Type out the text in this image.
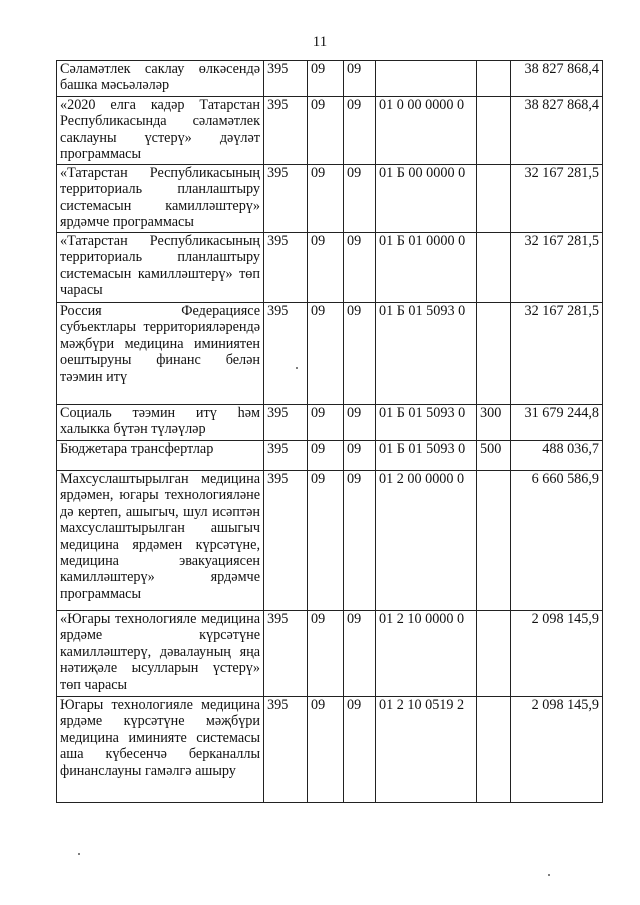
11
Сәламәтлек саклау өлкәсендә башка мәсьәләләр	395	09	09			38 827 868,4
«2020 елга кадәр Татарстан Республикасында сәламәтлек саклауны үстерү» дәүләт программасы	395	09	09	01 0 00 0000 0		38 827 868,4
«Татарстан Республикасының территориаль планлаштыру системасын камилләштерү» ярдәмче программасы	395	09	09	01 Б 00 0000 0		32 167 281,5
«Татарстан Республикасының территориаль планлаштыру системасын камилләштерү» төп чарасы	395	09	09	01 Б 01 0000 0		32 167 281,5
Россия Федерациясе субъектлары территорияләрендә мәҗбүри медицина иминиятен оештыруны финанс белән тәэмин итү	395	09	09	01 Б 01 5093 0		32 167 281,5
Социаль тәэмин итү һәм халыкка бүтән түләүләр	395	09	09	01 Б 01 5093 0	300	31 679 244,8
Бюджетара трансфертлар	395	09	09	01 Б 01 5093 0	500	488 036,7
Махсуслаштырылган медицина ярдәмен, югары технологияләне дә кертеп, ашыгыч, шул исәптән махсуслаштырылган ашыгыч медицина ярдәмен күрсәтүне, медицина эвакуациясен камилләштерү» ярдәмче программасы	395	09	09	01 2 00 0000 0		6 660 586,9
«Югары технологияле медицина ярдәме күрсәтүне камилләштерү, дәвалауның яңа нәтиҗәле ысулларын үстерү» төп чарасы	395	09	09	01 2 10 0000 0		2 098 145,9
Югары технологияле медицина ярдәме күрсәтүне мәҗбүри медицина иминияте системасы аша күбесенчә берканаллы финанслауны гамәлгә ашыру	395	09	09	01 2 10 0519 2		2 098 145,9
